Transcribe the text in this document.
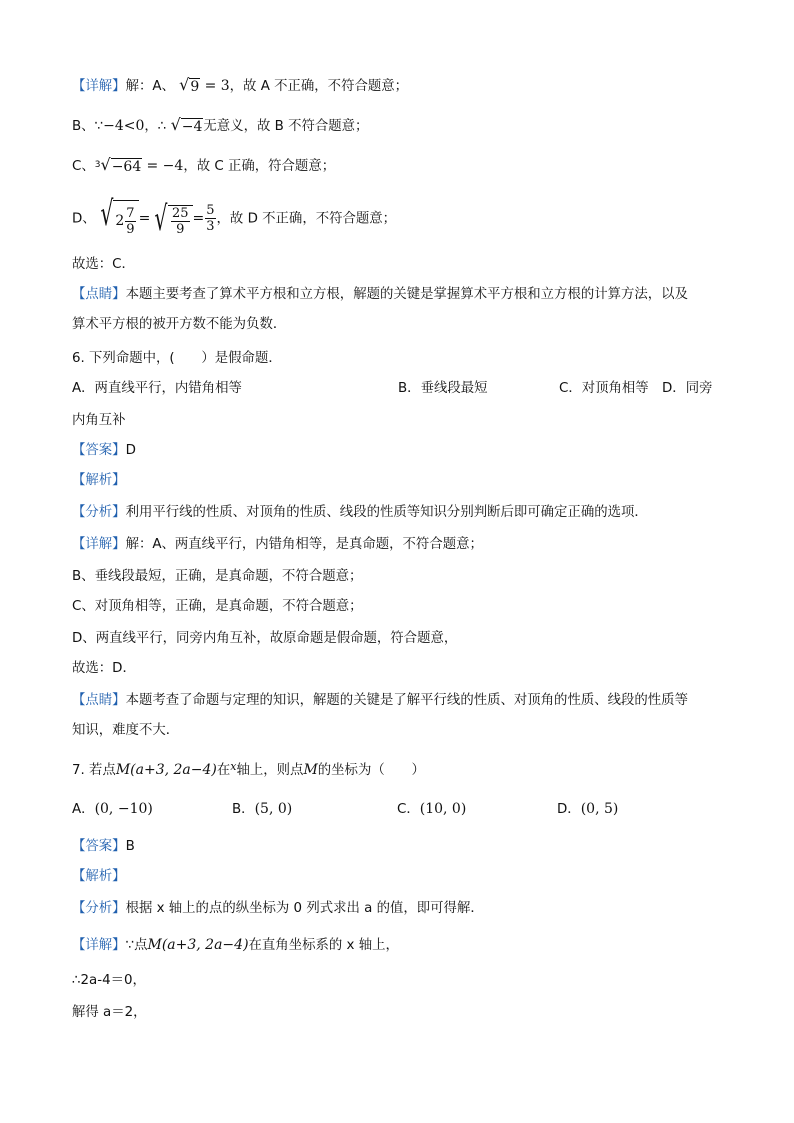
【详解】解：A、 √ 9 = 3，故 A 不正确，不符合题意；
B、∵−4<0，∴ √ −4 无意义，故 B 不符合题意；
C、 3 √ −64 = −4，故 C 正确，符合题意；
D、 √ $2 \frac{7}{9}$ = √ $\frac{25}{9} = \frac{5}{3}$ ，故 D 不正确，不符合题意；
故选：C．
【点睛】本题主要考查了算术平方根和立方根，解题的关键是掌握算术平方根和立方根的计算方法，以及
算术平方根的被开方数不能为负数．
6. 下列命题中，(　　）是假命题．
A．两直线平行，内错角相等	B．垂线段最短	C．对顶角相等 D．同旁
内角互补
【答案】D
【解析】
【分析】利用平行线的性质、对顶角的性质、线段的性质等知识分别判断后即可确定正确的选项．
【详解】解：A、两直线平行，内错角相等，是真命题，不符合题意；
B、垂线段最短，正确，是真命题，不符合题意；
C、对顶角相等，正确，是真命题，不符合题意；
D、两直线平行，同旁内角互补，故原命题是假命题，符合题意，
故选：D．
【点睛】本题考查了命题与定理的知识，解题的关键是了解平行线的性质、对顶角的性质、线段的性质等
知识，难度不大．
7. 若点M(a+3, 2a−4)在$^x$轴上，则点M的坐标为（　　）
A．(0, −10)	B．(5, 0)	C．(10, 0)	D．(0, 5)
【答案】B
【解析】
【分析】根据 x 轴上的点的纵坐标为 0 列式求出 a 的值，即可得解．
【详解】∵点M(a+3, 2a−4)在直角坐标系的 x 轴上，
∴2a-4＝0，
解得 a＝2，
